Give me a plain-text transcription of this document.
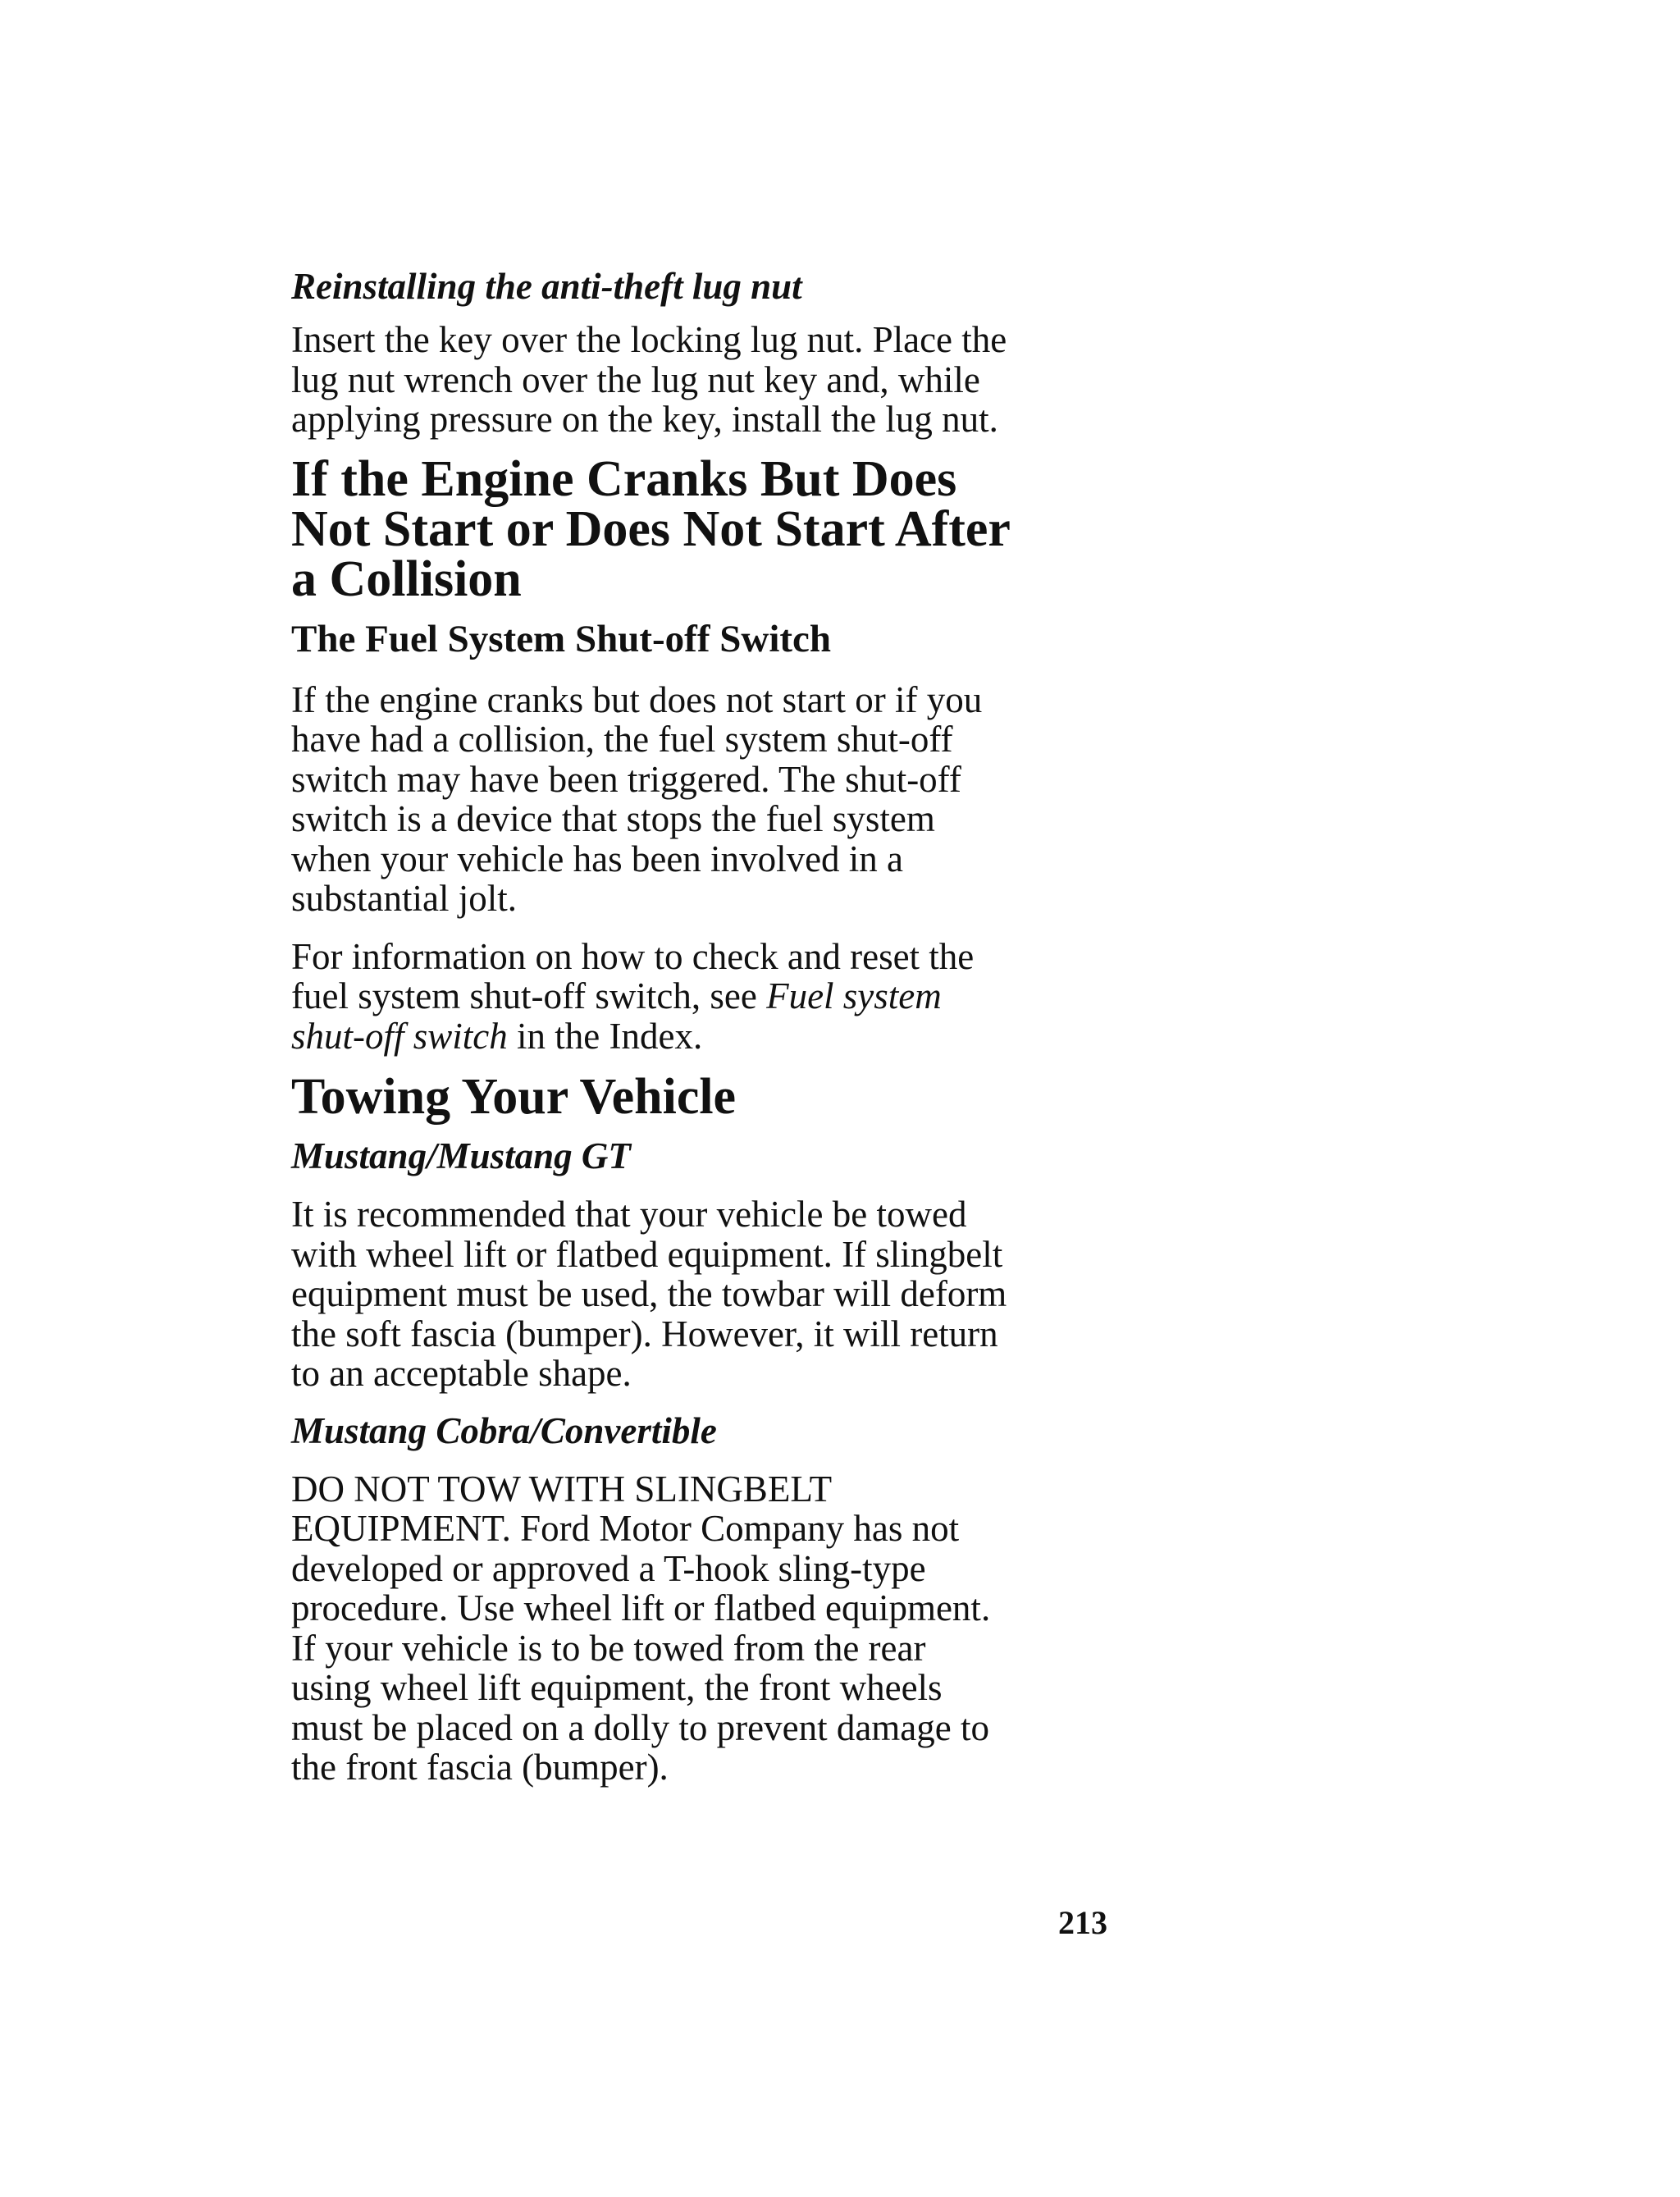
Reinstalling the anti-theft lug nut

Insert the key over the locking lug nut. Place the
lug nut wrench over the lug nut key and, while
applying pressure on the key, install the lug nut.

If the Engine Cranks But Does
Not Start or Does Not Start After
a Collision
The Fuel System Shut-off Switch

If the engine cranks but does not start or if you
have had a collision, the fuel system shut-off
switch may have been triggered. The shut-off
switch is a device that stops the fuel system
when your vehicle has been involved in a
substantial jolt.

For information on how to check and reset the
fuel system shut-off switch, see Fuel system
shut-off switch in the Index.

Towing Your Vehicle
Mustang/Mustang GT

It is recommended that your vehicle be towed
with wheel lift or flatbed equipment. If slingbelt
equipment must be used, the towbar will deform
the soft fascia (bumper). However, it will return
to an acceptable shape.

Mustang Cobra/Convertible

DO NOT TOW WITH SLINGBELT
EQUIPMENT. Ford Motor Company has not
developed or approved a T-hook sling-type
procedure. Use wheel lift or flatbed equipment.
If your vehicle is to be towed from the rear
using wheel lift equipment, the front wheels
must be placed on a dolly to prevent damage to
the front fascia (bumper).

213
